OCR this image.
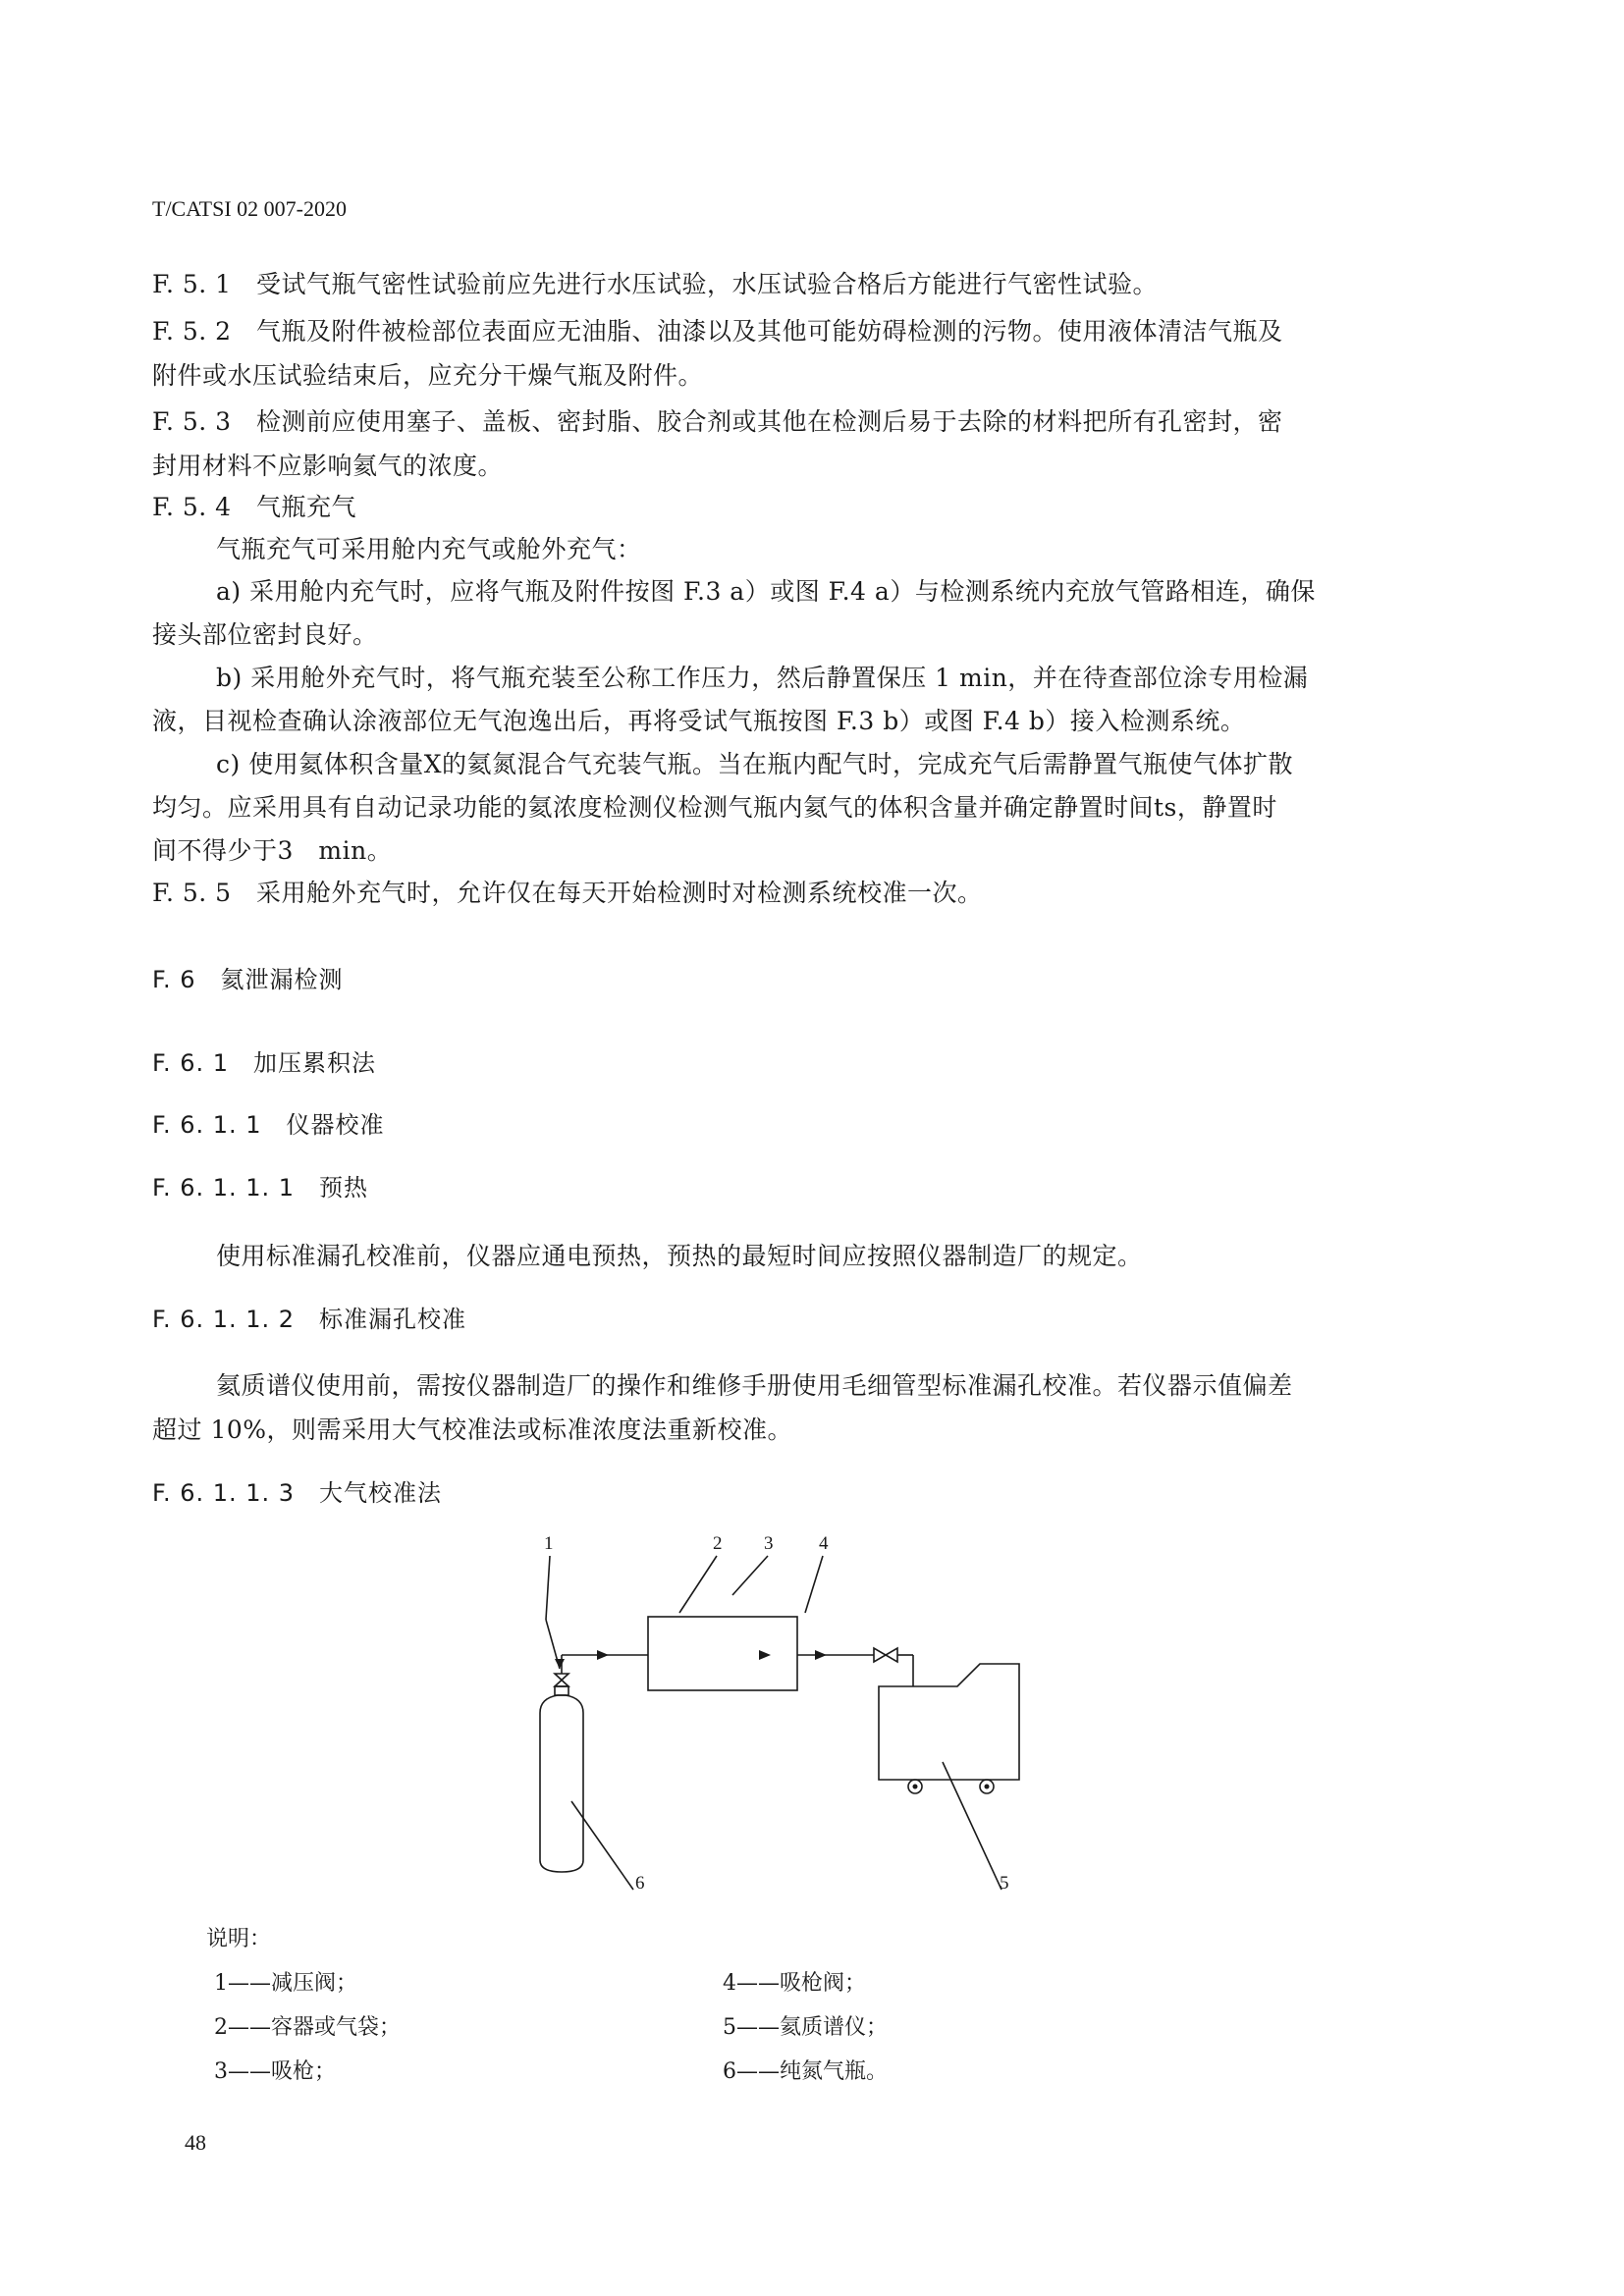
T/CATSI 02 007-2020
F. 5. 1　受试气瓶气密性试验前应先进行水压试验，水压试验合格后方能进行气密性试验。
F. 5. 2　气瓶及附件被检部位表面应无油脂、油漆以及其他可能妨碍检测的污物。使用液体清洁气瓶及
附件或水压试验结束后，应充分干燥气瓶及附件。
F. 5. 3　检测前应使用塞子、盖板、密封脂、胶合剂或其他在检测后易于去除的材料把所有孔密封，密
封用材料不应影响氦气的浓度。
F. 5. 4　气瓶充气
气瓶充气可采用舱内充气或舱外充气：
a) 采用舱内充气时，应将气瓶及附件按图 F.3 a）或图 F.4 a）与检测系统内充放气管路相连，确保
接头部位密封良好。
b) 采用舱外充气时，将气瓶充装至公称工作压力，然后静置保压 1 min，并在待查部位涂专用检漏
液，目视检查确认涂液部位无气泡逸出后，再将受试气瓶按图 F.3 b）或图 F.4 b）接入检测系统。
c) 使用氦体积含量X的氦氮混合气充装气瓶。当在瓶内配气时，完成充气后需静置气瓶使气体扩散
均匀。应采用具有自动记录功能的氦浓度检测仪检测气瓶内氦气的体积含量并确定静置时间ts，静置时
间不得少于3　min。
F. 5. 5　采用舱外充气时，允许仅在每天开始检测时对检测系统校准一次。
F. 6　氦泄漏检测
F. 6. 1　加压累积法
F. 6. 1. 1　仪器校准
F. 6. 1. 1. 1　预热
使用标准漏孔校准前，仪器应通电预热，预热的最短时间应按照仪器制造厂的规定。
F. 6. 1. 1. 2　标准漏孔校准
氦质谱仪使用前，需按仪器制造厂的操作和维修手册使用毛细管型标准漏孔校准。若仪器示值偏差
超过 10%，则需采用大气校准法或标准浓度法重新校准。
F. 6. 1. 1. 3　大气校准法
1	2 3 4
5
6
说明：
1——减压阀；
2——容器或气袋；
3——吸枪；
4——吸枪阀；
5——氦质谱仪；
6——纯氮气瓶。
48
